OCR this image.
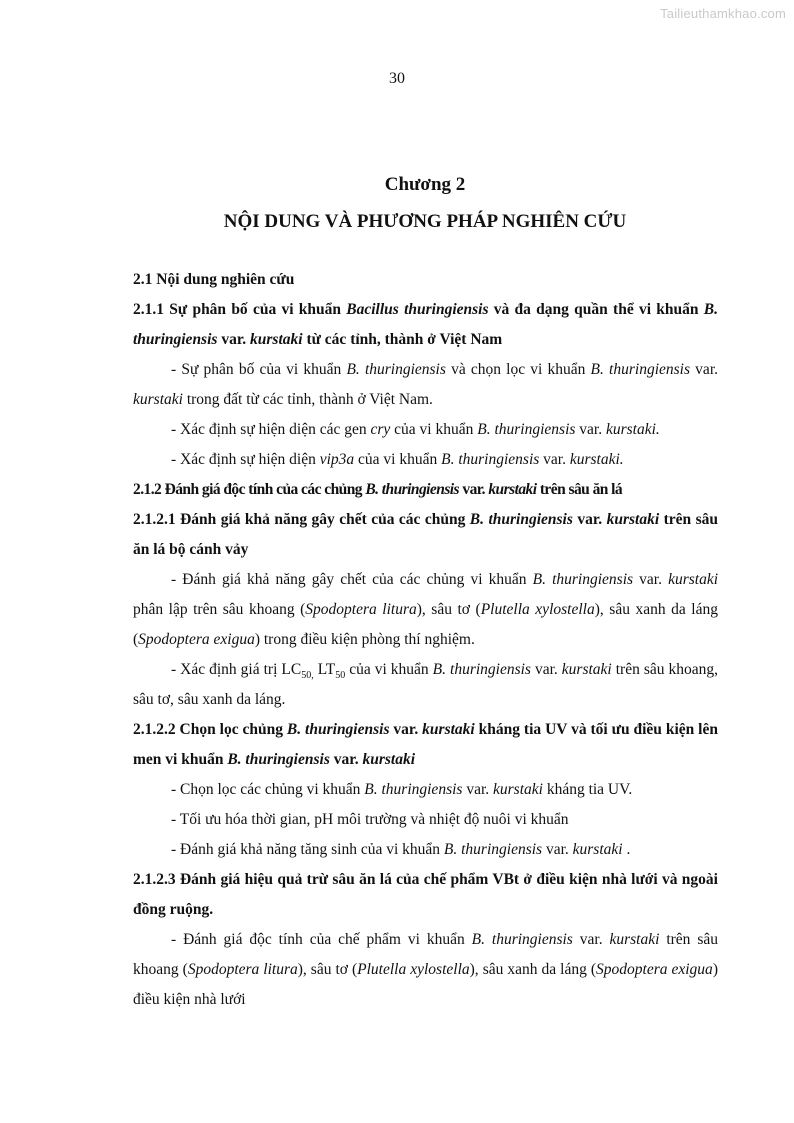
Tailieuthamkhao.com
30
Chương 2
NỘI DUNG VÀ PHƯƠNG PHÁP NGHIÊN CỨU

2.1 Nội dung nghiên cứu

2.1.1 Sự phân bố của vi khuẩn Bacillus thuringiensis và đa dạng quần thể vi khuẩn B. thuringiensis var. kurstaki từ các tỉnh, thành ở Việt Nam

- Sự phân bố của vi khuẩn B. thuringiensis và chọn lọc vi khuẩn B. thuringiensis var. kurstaki trong đất từ các tỉnh, thành ở Việt Nam.

- Xác định sự hiện diện các gen cry của vi khuẩn B. thuringiensis var. kurstaki.

- Xác định sự hiện diện vip3a của vi khuẩn B. thuringiensis var. kurstaki.

2.1.2 Đánh giá độc tính của các chủng B. thuringiensis var. kurstaki trên sâu ăn lá

2.1.2.1 Đánh giá khả năng gây chết của các chủng B. thuringiensis var. kurstaki trên sâu ăn lá bộ cánh vảy

- Đánh giá khả năng gây chết của các chủng vi khuẩn B. thuringiensis var. kurstaki phân lập trên sâu khoang (Spodoptera litura), sâu tơ (Plutella xylostella), sâu xanh da láng (Spodoptera exigua) trong điều kiện phòng thí nghiệm.

- Xác định giá trị $LC_{50,}$ $LT_{50}$ của vi khuẩn B. thuringiensis var. kurstaki trên sâu khoang, sâu tơ, sâu xanh da láng.

2.1.2.2 Chọn lọc chủng B. thuringiensis var. kurstaki kháng tia UV và tối ưu điều kiện lên men vi khuẩn B. thuringiensis var. kurstaki

- Chọn lọc các chủng vi khuẩn B. thuringiensis var. kurstaki kháng tia UV.

- Tối ưu hóa thời gian, pH môi trường và nhiệt độ nuôi vi khuẩn

- Đánh giá khả năng tăng sinh của vi khuẩn B. thuringiensis var. kurstaki .

2.1.2.3 Đánh giá hiệu quả trừ sâu ăn lá của chế phẩm VBt ở điều kiện nhà lưới và ngoài đồng ruộng.

- Đánh giá độc tính của chế phẩm vi khuẩn B. thuringiensis var. kurstaki trên sâu khoang (Spodoptera litura), sâu tơ (Plutella xylostella), sâu xanh da láng (Spodoptera exigua) điều kiện nhà lưới
